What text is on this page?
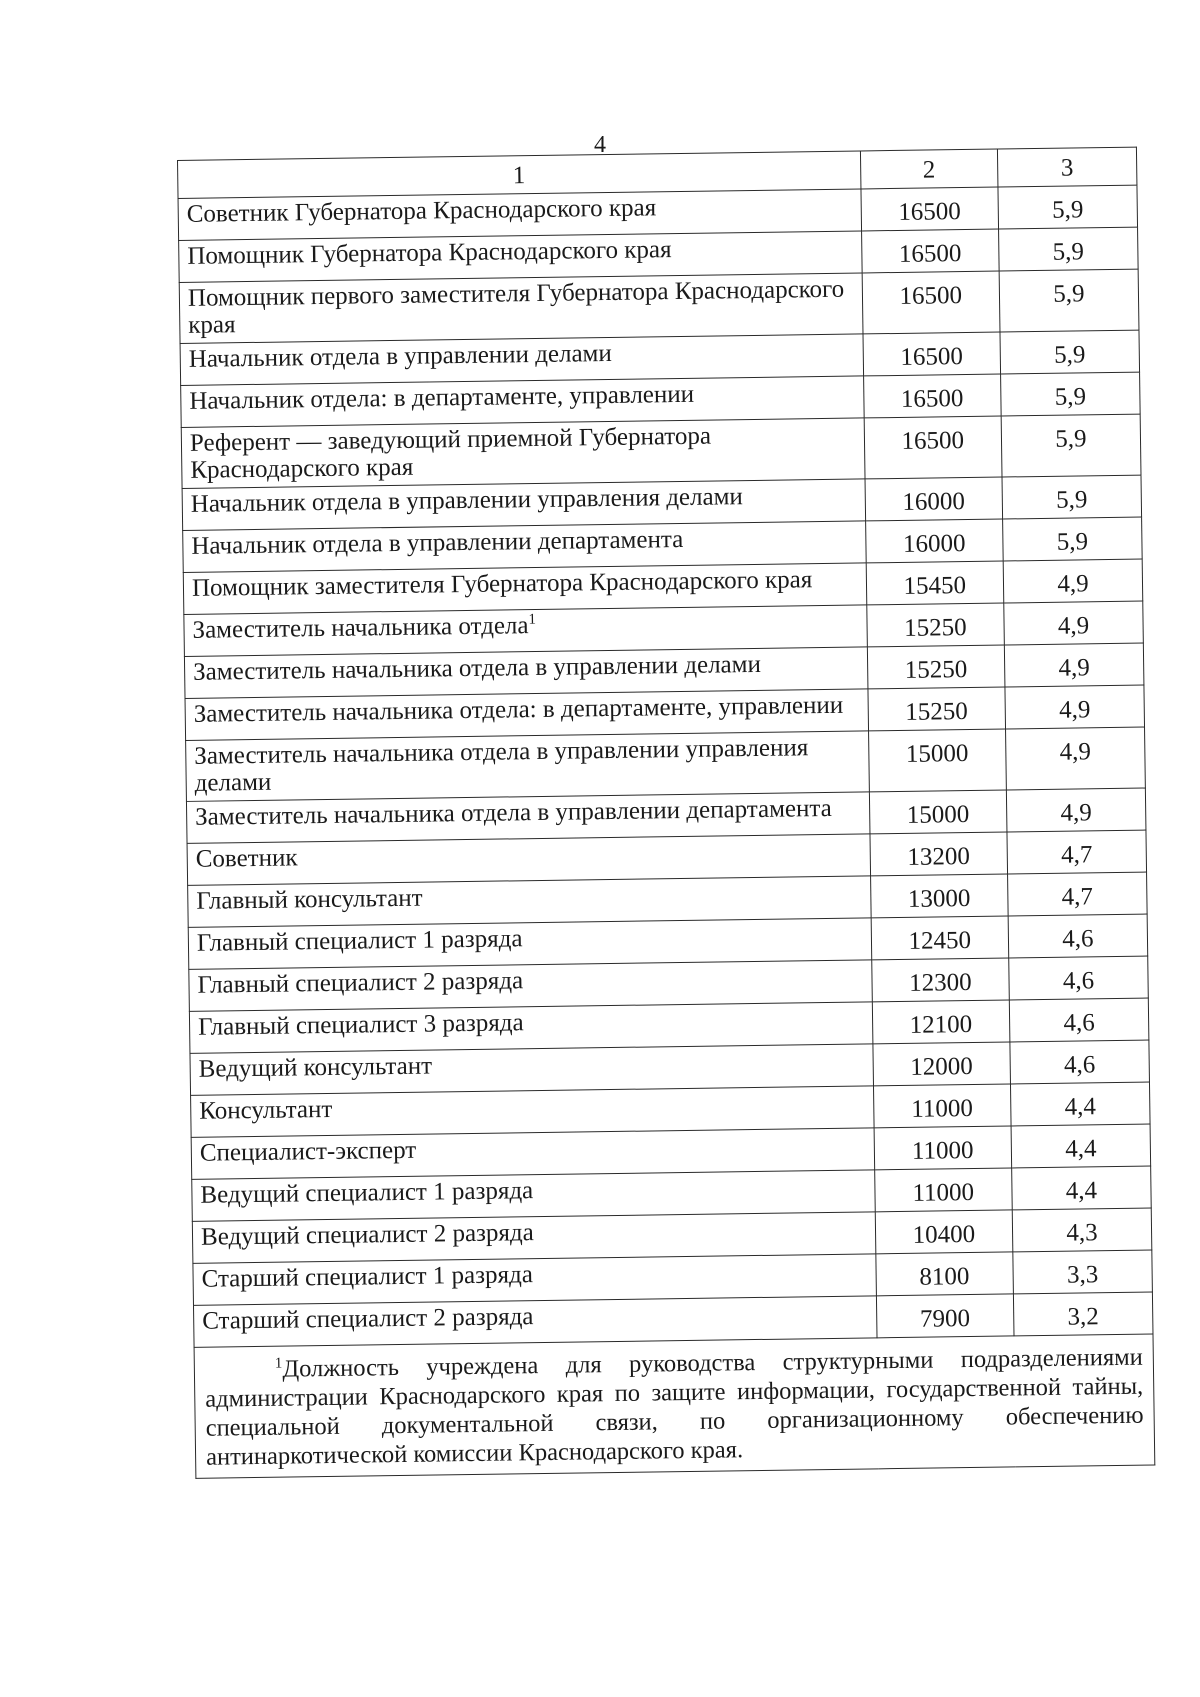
4
1	2	3
Советник Губернатора Краснодарского края	16500	5,9
Помощник Губернатора Краснодарского края	16500	5,9
Помощник первого заместителя Губернатора Краснодарского края	16500	5,9
Начальник отдела в управлении делами	16500	5,9
Начальник отдела: в департаменте, управлении	16500	5,9
Референт — заведующий приемной Губернатора Краснодарского края	16500	5,9
Начальник отдела в управлении управления делами	16000	5,9
Начальник отдела в управлении департамента	16000	5,9
Помощник заместителя Губернатора Краснодарского края	15450	4,9
Заместитель начальника отдела$^1$	15250	4,9
Заместитель начальника отдела в управлении делами	15250	4,9
Заместитель начальника отдела: в департаменте, управлении	15250	4,9
Заместитель начальника отдела в управлении управления делами	15000	4,9
Заместитель начальника отдела в управлении департамента	15000	4,9
Советник	13200	4,7
Главный консультант	13000	4,7
Главный специалист 1 разряда	12450	4,6
Главный специалист 2 разряда	12300	4,6
Главный специалист 3 разряда	12100	4,6
Ведущий консультант	12000	4,6
Консультант	11000	4,4
Специалист-эксперт	11000	4,4
Ведущий специалист 1 разряда	11000	4,4
Ведущий специалист 2 разряда	10400	4,3
Старший специалист 1 разряда	8100	3,3
Старший специалист 2 разряда	7900	3,2
$^1$Должность учреждена для руководства структурными подразделениями администрации Краснодарского края по защите информации, государственной тайны, специальной документальной связи, по организационному обеспечению антинаркотической комиссии Краснодарского края.		
